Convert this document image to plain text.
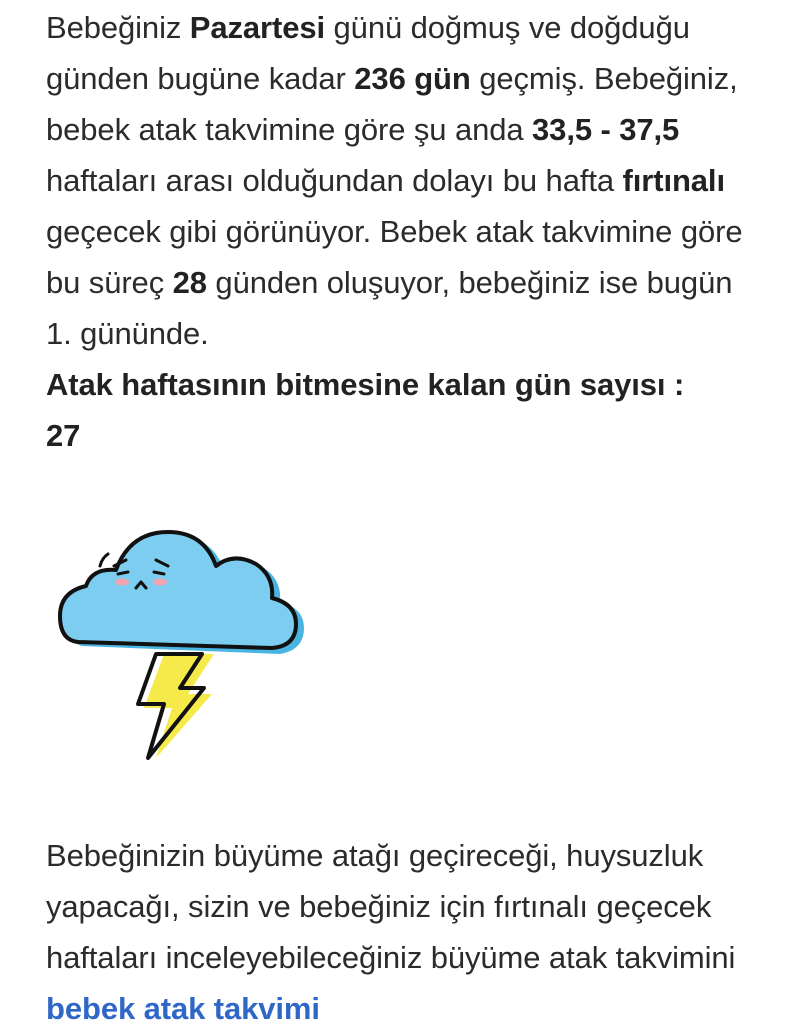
Bebeğiniz Pazartesi günü doğmuş ve doğduğu günden bugüne kadar 236 gün geçmiş. Bebeğiniz, bebek atak takvimine göre şu anda 33,5 - 37,5 haftaları arası olduğundan dolayı bu hafta fırtınalı geçecek gibi görünüyor. Bebek atak takvimine göre bu süreç 28 günden oluşuyor, bebeğiniz ise bugün 1. gününde.
Atak haftasının bitmesine kalan gün sayısı :
27

Bebeğinizin büyüme atağı geçireceği, huysuzluk yapacağı, sizin ve bebeğiniz için fırtınalı geçecek haftaları inceleyebileceğiniz büyüme atak takvimini bebek atak takvimi
